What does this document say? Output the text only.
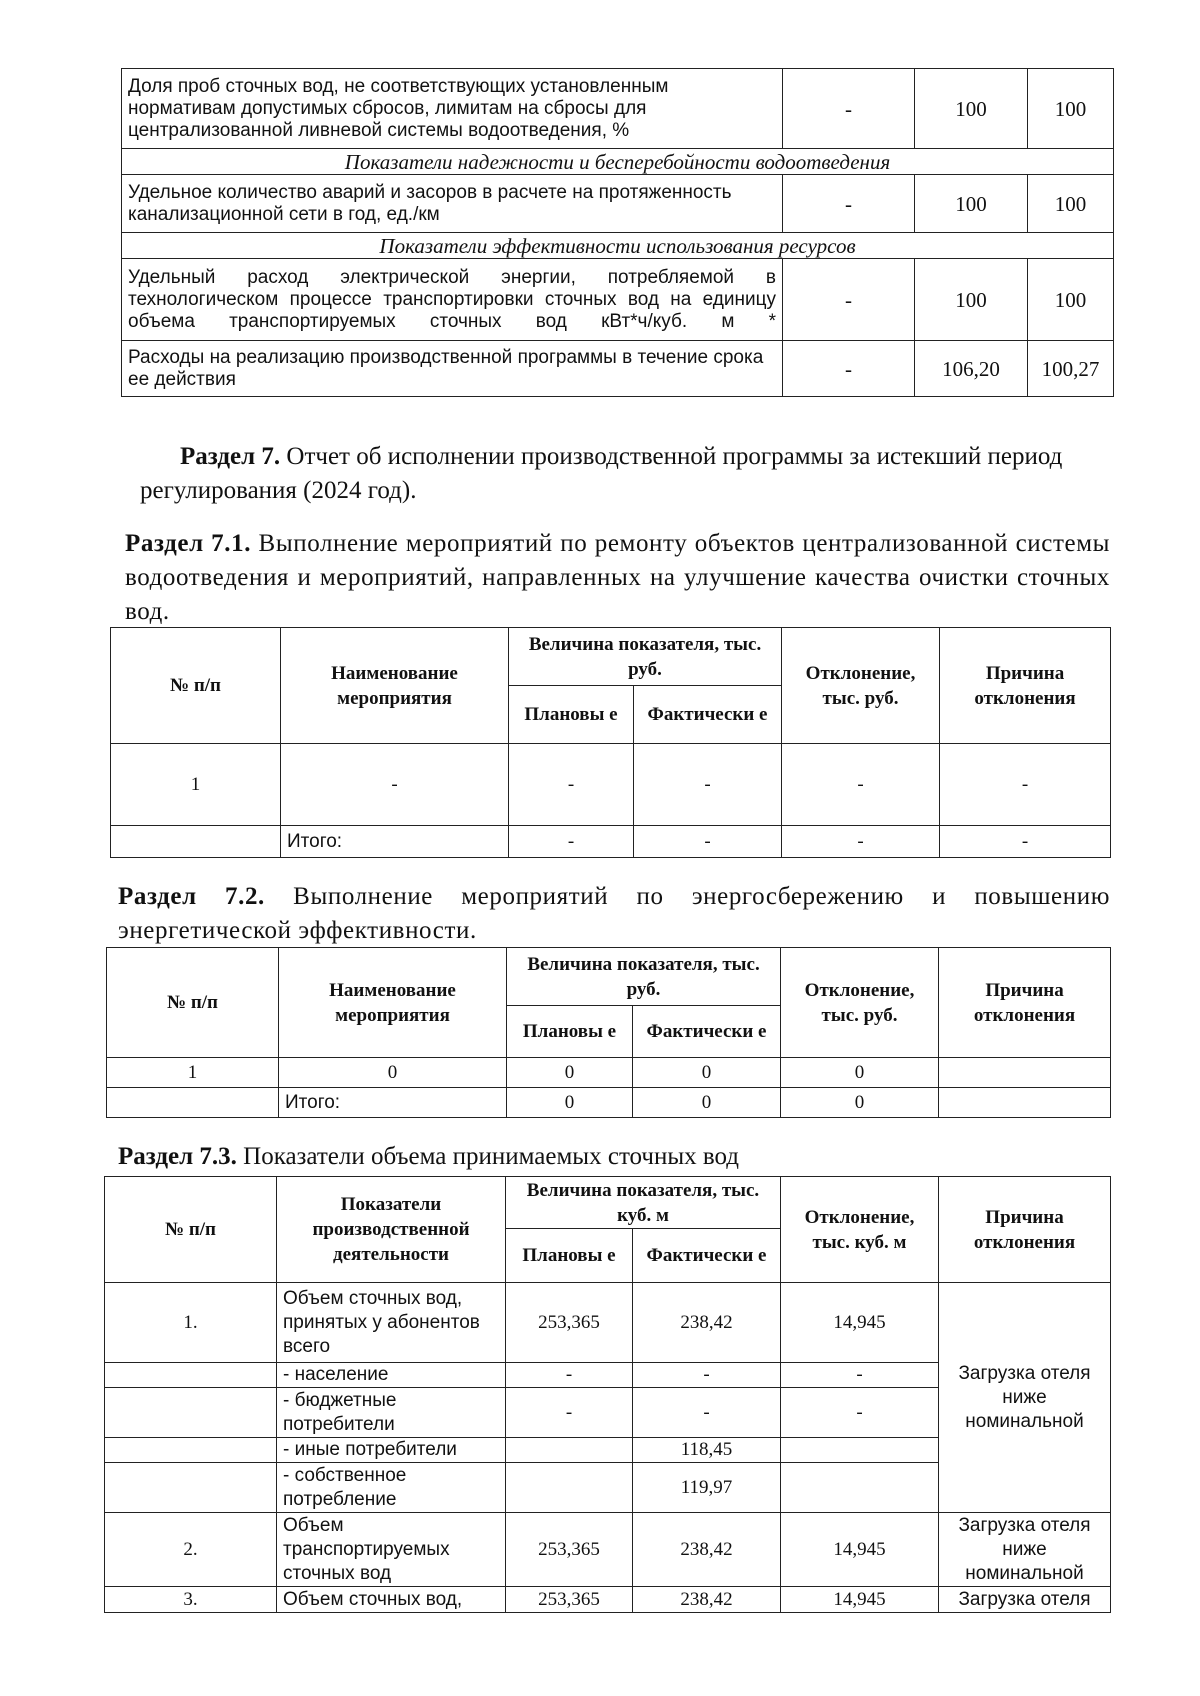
Доля проб сточных вод, не соответствующих установленным нормативам допустимых сбросов, лимитам на сбросы для централизованной ливневой системы водоотведения, %	-	100	100
Показатели надежности и бесперебойности водоотведения			
Удельное количество аварий и засоров в расчете на протяженность канализационной сети в год, ед./км	-	100	100
Показатели эффективности использования ресурсов			
Удельный расход электрической энергии, потребляемой в технологическом процессе транспортировки сточных вод на единицу объема транспортируемых сточных вод кВт*ч/куб. м *	-	100	100
Расходы на реализацию производственной программы в течение срока ее действия	-	106,20	100,27
Раздел 7. Отчет об исполнении производственной программы за истекший период регулирования (2024 год).
Раздел 7.1. Выполнение мероприятий по ремонту объектов централизованной системы водоотведения и мероприятий, направленных на улучшение качества очистки сточных вод.
№ п/п	Наименование мероприятия	Величина показателя, тыс. руб.		Отклонение, тыс. руб.	Причина отклонения
		Плановы е	Фактически е		
1	-	-	-	-	-
	Итого:	-	-	-	-
Раздел 7.2. Выполнение мероприятий по энергосбережению и повышению энергетической эффективности.
№ п/п	Наименование мероприятия	Величина показателя, тыс. руб.		Отклонение, тыс. руб.	Причина отклонения
		Плановы е	Фактически е		
1	0	0	0	0	
	Итого:	0	0	0	
Раздел 7.3. Показатели объема принимаемых сточных вод
№ п/п	Показатели производственной деятельности	Величина показателя, тыс. куб. м		Отклонение, тыс. куб. м	Причина отклонения
		Плановы е	Фактически е		
1.	Объем сточных вод, принятых у абонентов всего	253,365	238,42	14,945	Загрузка отеля ниже номинальной
	- население	-	-	-	
	- бюджетные потребители	-	-	-	
	- иные потребители		118,45		
	- собственное потребление		119,97		
2.	Объем транспортируемых сточных вод	253,365	238,42	14,945	Загрузка отеля ниже номинальной
3.	Объем сточных вод,	253,365	238,42	14,945	Загрузка отеля
